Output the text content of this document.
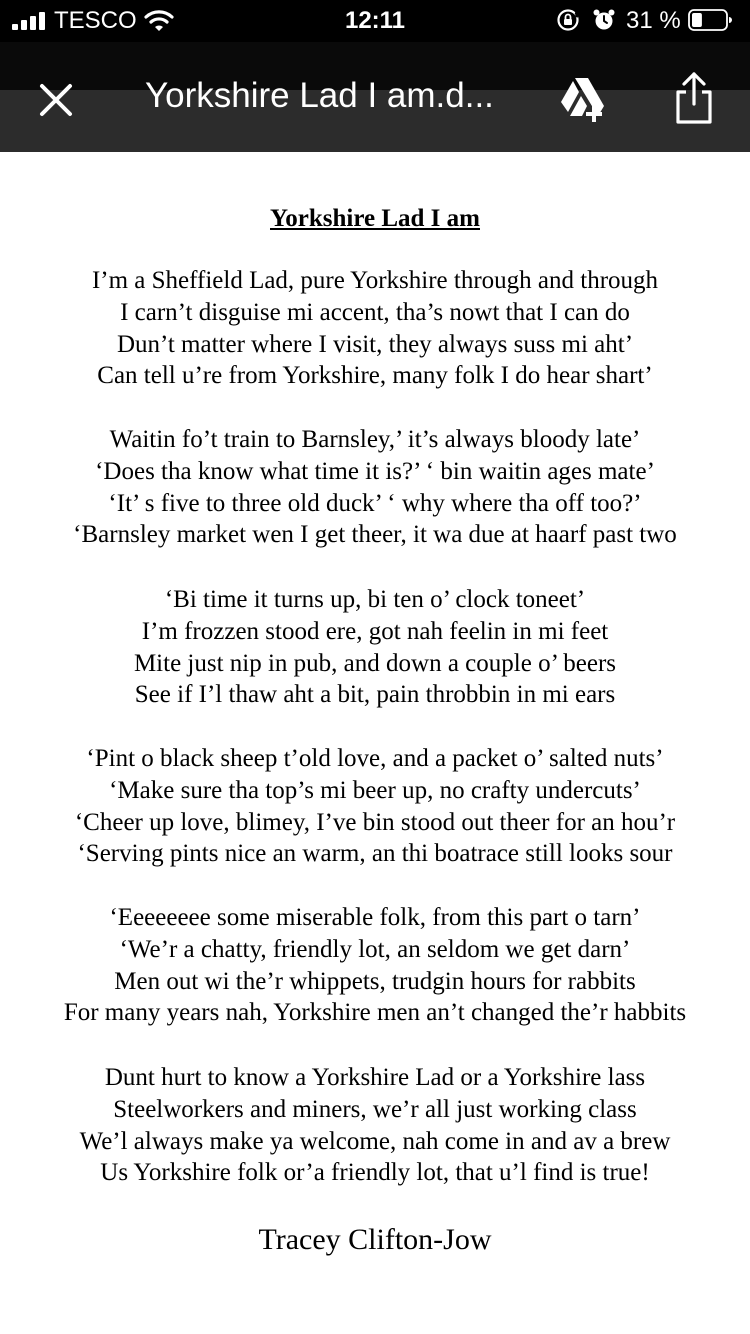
TESCO	12:11	31 %
Yorkshire Lad I am.d...
Yorkshire Lad I am
I’m a Sheffield Lad, pure Yorkshire through and through
I carn’t disguise mi accent, tha’s nowt that I can do
Dun’t matter where I visit, they always suss mi aht’
Can tell u’re from Yorkshire, many folk I do hear shart’
Waitin fo’t train to Barnsley,’ it’s always bloody late’
‘Does tha know what time it is?’ ‘ bin waitin ages mate’
‘It’ s five to three old duck’ ‘ why where tha off too?’
‘Barnsley market wen I get theer, it wa due at haarf past two
‘Bi time it turns up, bi ten o’ clock toneet’
I’m frozzen stood ere, got nah feelin in mi feet
Mite just nip in pub, and down a couple o’ beers
See if I’l thaw aht a bit, pain throbbin in mi ears
‘Pint o black sheep t’old love, and a packet o’ salted nuts’
‘Make sure tha top’s mi beer up, no crafty undercuts’
‘Cheer up love, blimey, I’ve bin stood out theer for an hou’r
‘Serving pints nice an warm, an thi boatrace still looks sour
‘Eeeeeeee some miserable folk, from this part o tarn’
‘We’r a chatty, friendly lot, an seldom we get darn’
Men out wi the’r whippets, trudgin hours for rabbits
For many years nah, Yorkshire men an’t changed the’r habbits
Dunt hurt to know a Yorkshire Lad or a Yorkshire lass
Steelworkers and miners, we’r all just working class
We’l always make ya welcome, nah come in and av a brew
Us Yorkshire folk or’a friendly lot, that u’l find is true!
Tracey Clifton-Jow
